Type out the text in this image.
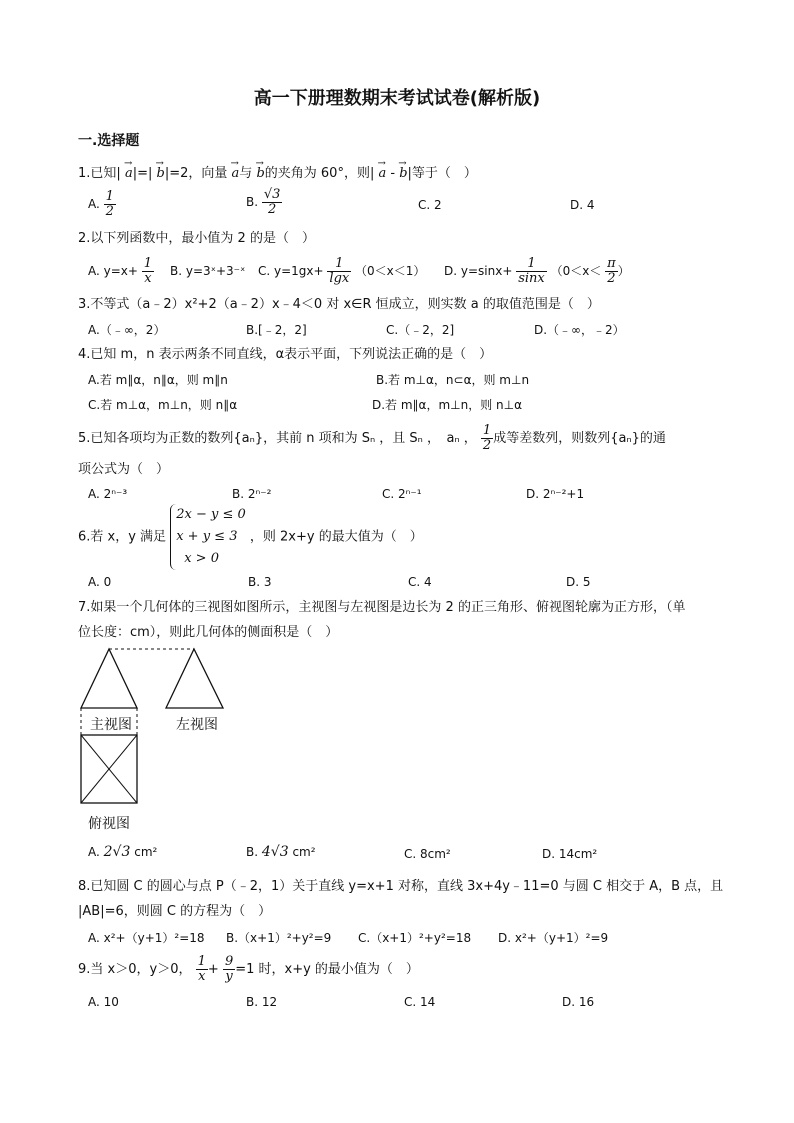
高一下册理数期末考试试卷(解析版)
一.选择题
1.已知| → a|=| → b|=2，向量 → a与 → b的夹角为 60°，则| → a - → b|等于（　）
A. $\frac{1}{2}$	B. $\frac{√3}{2}$	C. 2	D. 4
2.以下列函数中，最小值为 2 的是（　）
A. $y=x+ \frac{1}{x} B$. y=3ˣ+3⁻ˣ C. $y=1gx+ \frac{1}{\lg x} (0<x<1)$ D. $y=\sin x+ \frac{1}{\sin x} (0<x< \frac{\pi}{2}$ ）
3.不等式（a﹣2）x²+2（a﹣2）x﹣4＜0 对 x∈R 恒成立，则实数 a 的取值范围是（　）
A.（﹣∞，2）	B.[﹣2，2]	C.（﹣2，2]	D.（﹣∞，﹣2）
4.已知 m，n 表示两条不同直线，α表示平面，下列说法正确的是（　）
A.若 m∥α，n∥α，则 m∥n	B.若 m⊥α，n⊂α，则 m⊥n
C.若 m⊥α，m⊥n，则 n∥α	D.若 m∥α，m⊥n，则 n⊥α
5.已知各项均为正数的数列{aₙ}，其前 n 项和为 Sₙ ，且 Sₙ ，　aₙ ， $\frac{1}{2}$ 成等差数列，则数列{aₙ}的通
项公式为（　）
A. 2ⁿ⁻³	B. 2ⁿ⁻²	C. 2ⁿ⁻¹	D. 2ⁿ⁻²+1
6.若 x，y 满足
2x − y ≤ 0
x + y ≤ 3
x > 0
，则 2x+y 的最大值为（　）
A. 0	B. 3	C. 4	D. 5
7.如果一个几何体的三视图如图所示，主视图与左视图是边长为 2 的正三角形、俯视图轮廓为正方形，（单
位长度：cm），则此几何体的侧面积是（　）
主视图	左视图
俯视图
A. 2√3 cm²	B. 4√3 cm²	C. 8cm²	D. 14cm²
8.已知圆 C 的圆心与点 P（﹣2，1）关于直线 y=x+1 对称，直线 3x+4y﹣11=0 与圆 C 相交于 A，B 点，且
|AB|=6，则圆 C 的方程为（　）
A. x²+（y+1）²=18 B.（x+1）²+y²=9 C.（x+1）²+y²=18 D. x²+（y+1）²=9
9.当 x＞0，y＞0， $\frac{1}{x} + \frac{9}{y} =1$ 时，x+y 的最小值为（　）
A. 10	B. 12	C. 14	D. 16
